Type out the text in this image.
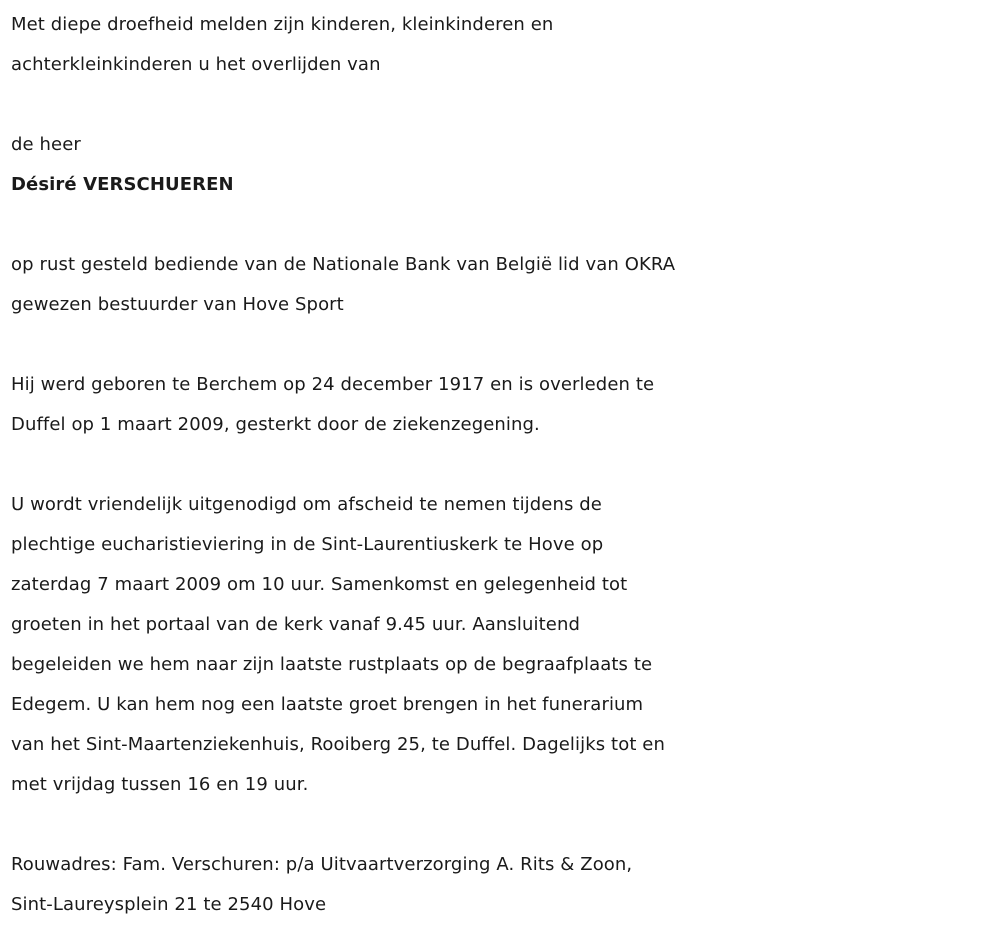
Met diepe droefheid melden zijn kinderen, kleinkinderen en

achterkleinkinderen u het overlijden van

de heer

Désiré VERSCHUEREN

op rust gesteld bediende van de Nationale Bank van België lid van OKRA

gewezen bestuurder van Hove Sport

Hij werd geboren te Berchem op 24 december 1917 en is overleden te

Duffel op 1 maart 2009, gesterkt door de ziekenzegening.

U wordt vriendelijk uitgenodigd om afscheid te nemen tijdens de

plechtige eucharistieviering in de Sint-Laurentiuskerk te Hove op

zaterdag 7 maart 2009 om 10 uur. Samenkomst en gelegenheid tot

groeten in het portaal van de kerk vanaf 9.45 uur. Aansluitend

begeleiden we hem naar zijn laatste rustplaats op de begraafplaats te

Edegem. U kan hem nog een laatste groet brengen in het funerarium

van het Sint-Maartenziekenhuis, Rooiberg 25, te Duffel. Dagelijks tot en

met vrijdag tussen 16 en 19 uur.

Rouwadres: Fam. Verschuren: p/a Uitvaartverzorging A. Rits & Zoon,

Sint-Laureysplein 21 te 2540 Hove
